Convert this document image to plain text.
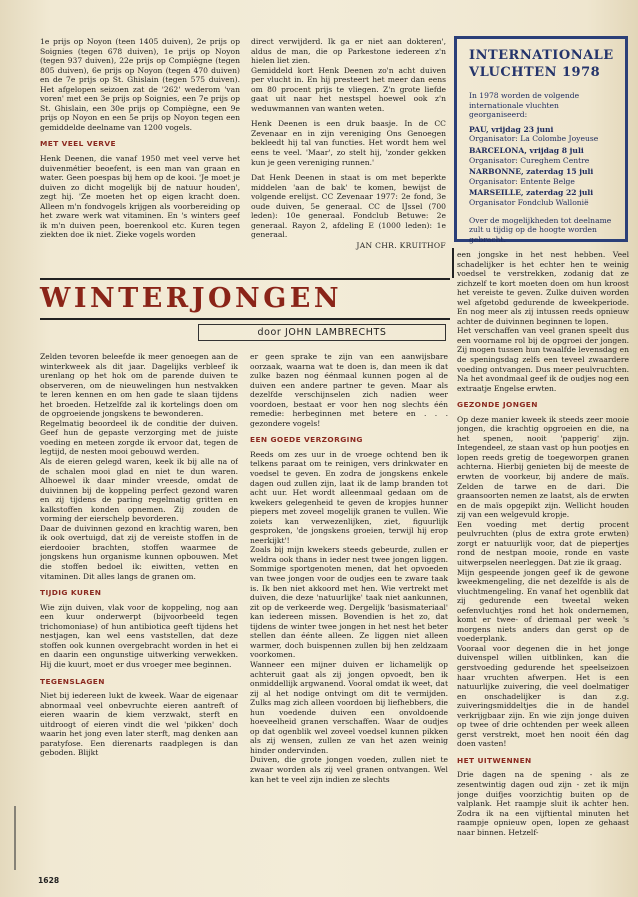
1e prijs op Noyon (teen 1405 duiven), 2e prijs op Soignies (tegen 678 duiven), 1e prijs op Noyon (tegen 937 duiven), 22e prijs op Compiègne (tegen 805 duiven), 6e prijs op Noyon (tegen 470 duiven) en de 7e prijs op St. Ghislain (tegen 575 duiven). Het afgelopen seizoen zat de '262' wederom 'van voren' met een 3e prijs op Soignies, een 7e prijs op St. Ghislain, een 30e prijs op Compiègne, een 9e prijs op Noyon en een 5e prijs op Noyon tegen een gemiddelde deelname van 1200 vogels.

MET VEEL VERVE

Henk Deenen, die vanaf 1950 met veel verve het duivenmétier beoefent, is een man van graan en water. Geen poespas bij hem op de kooi. 'Je moet je duiven zo dicht mogelijk bij de natuur houden', zegt hij. 'Ze moeten het op eigen kracht doen. Alleen m'n fondvogels krijgen als voorbereiding op het zware werk wat vitaminen. En 's winters geef ik m'n duiven peen, boerenkool etc. Kuren tegen ziekten doe ik niet. Zieke vogels worden

direct verwijderd. Ik ga er niet aan dokteren', aldus de man, die op Parkestone iedereen z'n hielen liet zien.

Gemiddeld kort Henk Deenen zo'n acht duiven per vlucht in. En hij presteert het meer dan eens om 80 procent prijs te vliegen. Z'n grote liefde gaat uit naar het nestspel hoewel ook z'n weduwmannen van wanten weten.

Henk Deenen is een druk baasje. In de CC Zevenaar en in zijn vereniging Ons Genoegen bekleedt hij tal van functies. Het wordt hem wel eens te veel. 'Maar', zo stelt hij, 'zonder gekken kun je geen vereniging runnen.'

Dat Henk Deenen in staat is om met beperkte middelen 'aan de bak' te komen, bewijst de volgende erelijst. CC Zevenaar 1977: 2e fond, 3e oude duiven, 5e generaal. CC de IJssel (700 leden): 10e generaal. Fondclub Betuwe: 2e generaal. Rayon 2, afdeling E (1000 leden): 1e generaal.

JAN CHR. KRUITHOF
INTERNATIONALE VLUCHTEN 1978
In 1978 worden de volgende internationale vluchten georganiseerd:
PAU, vrijdag 23 juni
Organisator: La Colombe Joyeuse
BARCELONA, vrijdag 8 juli
Organisator: Cureghem Centre
NARBONNE, zaterdag 15 juli
Organisator: Entente Belge
MARSEILLE, zaterdag 22 juli
Organisator Fondclub Wallonië
Over de mogelijkheden tot deelname zult u tijdig op de hoogte worden gebracht.

een jongske in het nest hebben. Veel schadelijker is het echter hen te weinig voedsel te verstrekken, zodanig dat ze zichzelf te kort moeten doen om hun kroost het vereiste te geven. Zulke duiven worden wel afgetobd gedurende de kweekperiode. En nog meer als zij intussen reeds opnieuw achter de duivinnen beginnen te lopen.

Het verschaffen van veel granen speelt dus een voorname rol bij de opgroei der jongen. Zij mogen tussen hun twaalfde levensdag en de speningsdag zelfs een teveel zwaardere voeding ontvangen. Dus meer peulvruchten. Na het avondmaal geef ik de oudjes nog een extraatje Engelse erwten.

GEZONDE JONGEN

Op deze manier kweek ik steeds zeer mooie jongen, die krachtig opgroeien en die, na het spenen, nooit 'papperig' zijn. Integendeel, ze staan vast op hun pootjes en lopen reeds gretig de toegeworpen granen achterna. Hierbij genieten bij de meeste de erwten de voorkeur, bij andere de maïs. Zelden de tarwe en de dari. Die graansoorten nemen ze laatst, als de erwten en de maïs opgepikt zijn. Wellicht houden zij van een welgevuld kropje.

Een voeding met dertig procent peulvruchten (plus de extra grote erwten) zorgt er natuurlijk voor, dat de piepertjes rond de nestpan mooie, ronde en vaste uitwerpselen neerleggen. Dat zie ik graag.

Mijn gespeende jongen geef ik de gewone kweekmengeling, die net dezelfde is als de vluchtmengeling. En vanaf het ogenblik dat zij gedurende een tweetal weken oefenvluchtjes rond het hok ondernemen, komt er twee- of driemaal per week 's morgens niets anders dan gerst op de voederplank.

Vooraal voor degenen die in het jonge duivenspel willen uitblinken, kan die gerstvoeding gedurende het speelseizoen haar vruchten afwerpen. Het is een natuurlijke zuivering, die veel doelmatiger en onschadelijker is dan z.g. zuiveringsmiddeltjes die in de handel verkrijgbaar zijn. En wie zijn jonge duiven op twee of drie ochtenden per week alleen gerst verstrekt, moet hen nooit één dag doen vasten!

HET UITWENNEN

Drie dagen na de spening - als ze zesentwintig dagen oud zijn - zet ik mijn jonge duifjes voorzichtig buiten op de valplank. Het raampje sluit ik achter hen. Zodra ik na een vijftiental minuten het raampje opnieuw open, lopen ze gehaast naar binnen. Hetzelf-

WINTERJONGEN
door JOHN LAMBRECHTS

Zelden tevoren beleefde ik meer genoegen aan de winterkweek als dit jaar. Dagelijks verbleef ik urenlang op het hok om de parende duiven te observeren, om de nieuwelingen hun nestvakken te leren kennen en om hen gade te slaan tijdens het broeden. Hetzelfde zal ik kortelings doen om de opgroeiende jongskens te bewonderen.

Regelmatig beoordeel ik de conditie der duiven. Geef hun de gepaste verzorging met de juiste voeding en meteen zorgde ik ervoor dat, tegen de legtijd, de nesten mooi gebouwd werden.

Als de eieren gelegd waren, keek ik bij alle na of de schalen mooi glad en niet te dun waren. Alhoewel ik daar minder vreesde, omdat de duivinnen bij de koppeling perfect gezond waren en zij tijdens de paring regelmatig gritten en kalkstoffen konden opnemen. Zij zouden de vorming der eierschelp bevorderen.

Daar de duivinnen gezond en krachtig waren, ben ik ook overtuigd, dat zij de vereiste stoffen in de eierdooier brachten, stoffen waarmee de jongskens hun organisme kunnen opbouwen. Met die stoffen bedoel ik: eiwitten, vetten en vitaminen. Dit alles langs de granen om.

TIJDIG KUREN

Wie zijn duiven, vlak voor de koppeling, nog aan een kuur onderwerpt (bijvoorbeeld tegen trichomoniase) of hun antibiotica geeft tijdens het nestjagen, kan wel eens vaststellen, dat deze stoffen ook kunnen overgebracht worden in het ei en daarin een ongunstige uitwerking verwekken. Hij die kuurt, moet er dus vroeger mee beginnen.

TEGENSLAGEN

Niet bij iedereen lukt de kweek. Waar de eigenaar abnormaal veel onbevruchte eieren aantreft of eieren waarin de kiem verzwakt, sterft en uitdroogt of eieren vindt die wel 'pikken' doch waarin het jong even later sterft, mag denken aan paratyfose. Een dierenarts raadplegen is dan geboden. Blijkt

er geen sprake te zijn van een aanwijsbare oorzaak, waarna wat te doen is, dan meen ik dat zulke bazen nog éénmaal kunnen pogen al de duiven een andere partner te geven. Maar als dezelfde verschijnselen zich nadien weer voordoen, bestaat er voor hen nog slechts één remedie: herbeginnen met betere en . . . gezondere vogels!

EEN GOEDE VERZORGING

Reeds om zes uur in de vroege ochtend ben ik telkens paraat om te reinigen, vers drinkwater en voedsel te geven. En zodra de jongskens enkele dagen oud zullen zijn, laat ik de lamp branden tot acht uur. Het wordt alleenmaal gedaan om de kwekers gelegenheid te geven de kropjes hunner piepers met zoveel mogelijk granen te vullen. Wie zoiets kan verwezenlijken, ziet, figuurlijk gesproken, 'de jongskens groeien, terwijl hij erop neerkijkt'!

Zoals bij mijn kwekers steeds gebeurde, zullen er weldra ook thans in ieder nest twee jongen liggen. Sommige sportgenoten menen, dat het opvoeden van twee jongen voor de oudjes een te zware taak is. Ik ben niet akkoord met hen. Wie vertrekt met duiven, die deze 'natuurlijke' taak niet aankunnen, zit op de verkeerde weg. Dergelijk 'basismateriaal' kan iedereen missen. Bovendien is het zo, dat tijdens de winter twee jongen in het nest het beter stellen dan éénte alleen. Ze liggen niet alleen warmer, doch buispennen zullen bij hen zeldzaam voorkomen.

Wanneer een mijner duiven er lichamelijk op achteruit gaat als zij jongen opvoedt, ben ik onmiddellijk argwanend. Vooral omdat ik weet, dat zij al het nodige ontvingt om dit te vermijden. Zulks mag zich alleen voordoen bij liefhebbers, die hun voedende duiven een onvoldoende hoeveelheid granen verschaffen. Waar de oudjes op dat ogenblik wel zoveel voedsel kunnen pikken als zij wensen, zullen ze van het azen weinig hinder ondervinden.

Duiven, die grote jongen voeden, zullen niet te zwaar worden als zij veel granen ontvangen. Wel kan het te veel zijn indien ze slechts

1628
